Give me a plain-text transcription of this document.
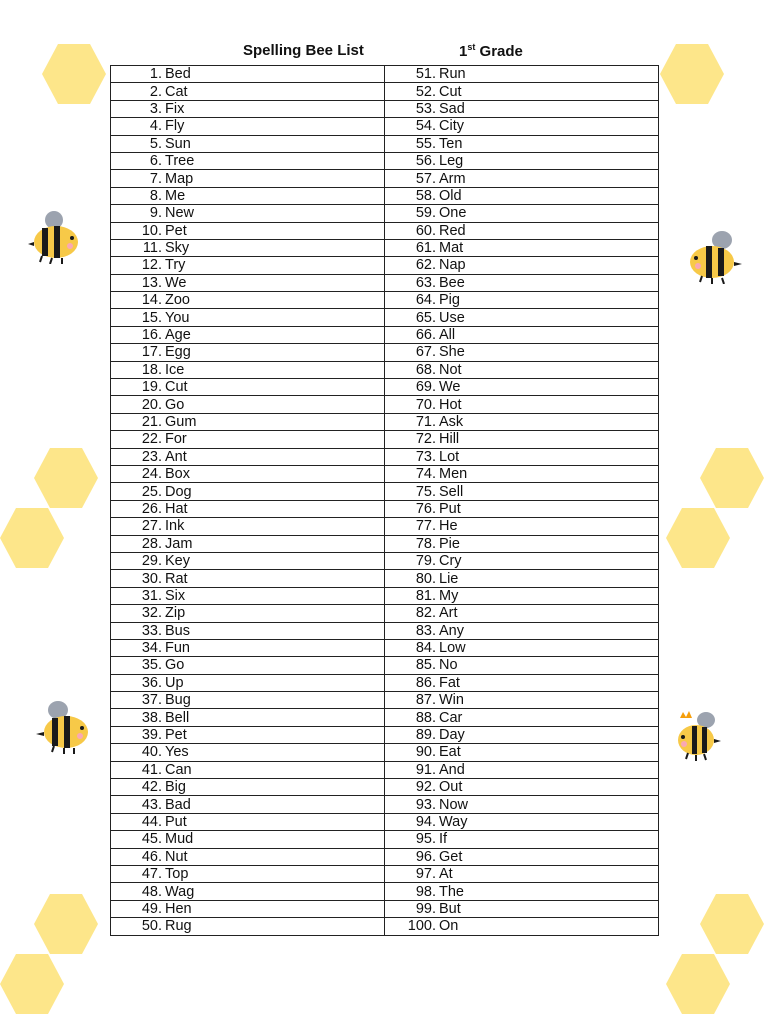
Spelling Bee List	1st Grade
1. Bed	51. Run
2. Cat	52. Cut
3. Fix	53. Sad
4. Fly	54. City
5. Sun	55. Ten
6. Tree	56. Leg
7. Map	57. Arm
8. Me	58. Old
9. New	59. One
10. Pet	60. Red
11. Sky	61. Mat
12. Try	62. Nap
13. We	63. Bee
14. Zoo	64. Pig
15. You	65. Use
16. Age	66. All
17. Egg	67. She
18. Ice	68. Not
19. Cut	69. We
20. Go	70. Hot
21. Gum	71. Ask
22. For	72. Hill
23. Ant	73. Lot
24. Box	74. Men
25. Dog	75. Sell
26. Hat	76. Put
27. Ink	77. He
28. Jam	78. Pie
29. Key	79. Cry
30. Rat	80. Lie
31. Six	81. My
32. Zip	82. Art
33. Bus	83. Any
34. Fun	84. Low
35. Go	85. No
36. Up	86. Fat
37. Bug	87. Win
38. Bell	88. Car
39. Pet	89. Day
40. Yes	90. Eat
41. Can	91. And
42. Big	92. Out
43. Bad	93. Now
44. Put	94. Way
45. Mud	95. If
46. Nut	96. Get
47. Top	97. At
48. Wag	98. The
49. Hen	99. But
50. Rug	100. On
